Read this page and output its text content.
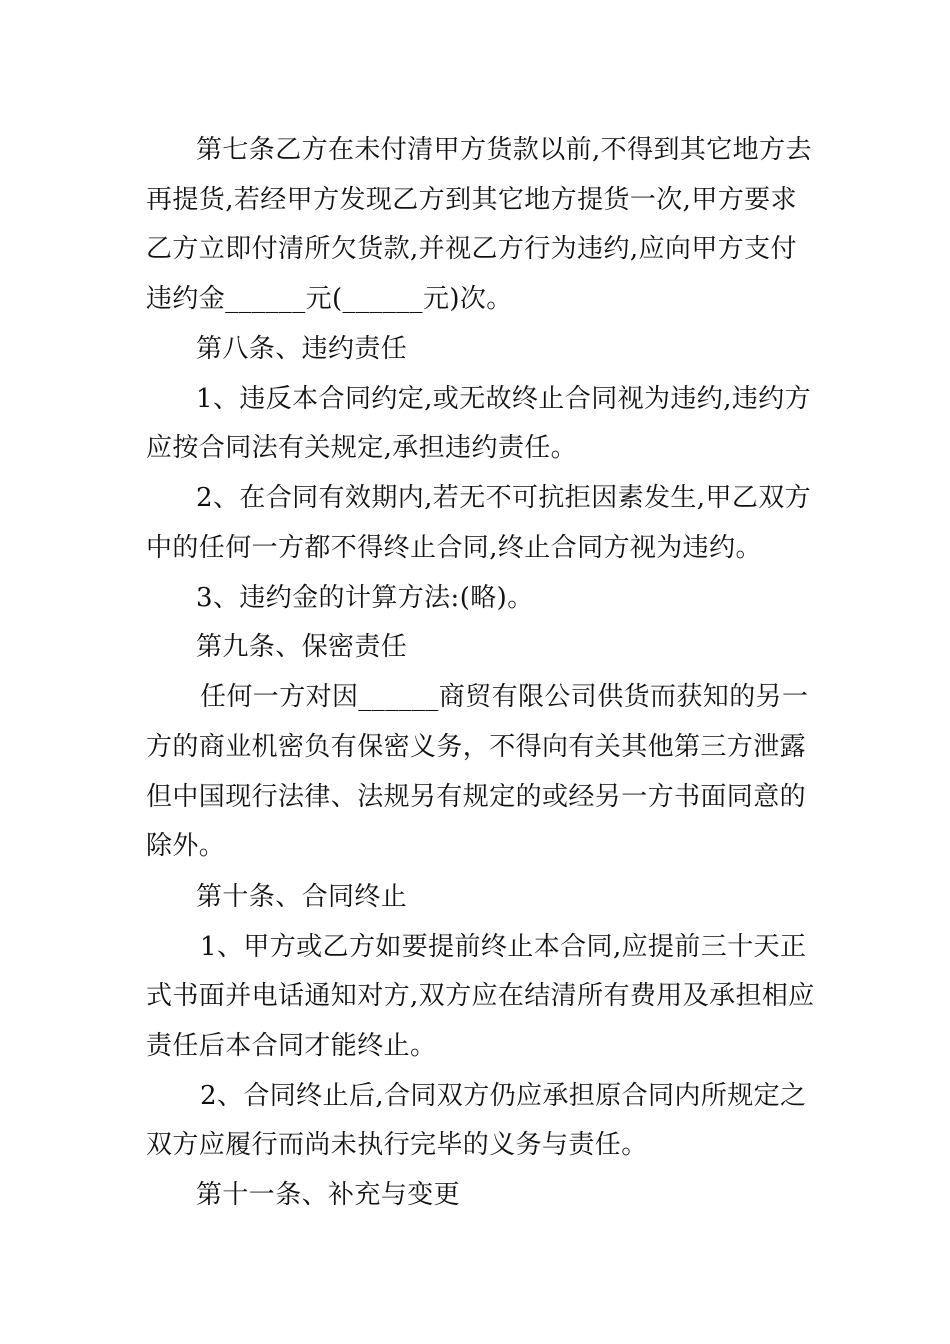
第七条乙方在未付清甲方货款以前,不得到其它地方去
再提货,若经甲方发现乙方到其它地方提货一次,甲方要求
乙方立即付清所欠货款,并视乙方行为违约,应向甲方支付
违约金______元(______元)次。
第八条、违约责任
1、违反本合同约定,或无故终止合同视为违约,违约方
应按合同法有关规定,承担违约责任。
2、在合同有效期内,若无不可抗拒因素发生,甲乙双方
中的任何一方都不得终止合同,终止合同方视为违约。
3、违约金的计算方法:(略)。
第九条、保密责任
任何一方对因______商贸有限公司供货而获知的另一
方的商业机密负有保密义务，不得向有关其他第三方泄露
但中国现行法律、法规另有规定的或经另一方书面同意的
除外。
第十条、合同终止
1、甲方或乙方如要提前终止本合同,应提前三十天正
式书面并电话通知对方,双方应在结清所有费用及承担相应
责任后本合同才能终止。
2、合同终止后,合同双方仍应承担原合同内所规定之
双方应履行而尚未执行完毕的义务与责任。
第十一条、补充与变更
